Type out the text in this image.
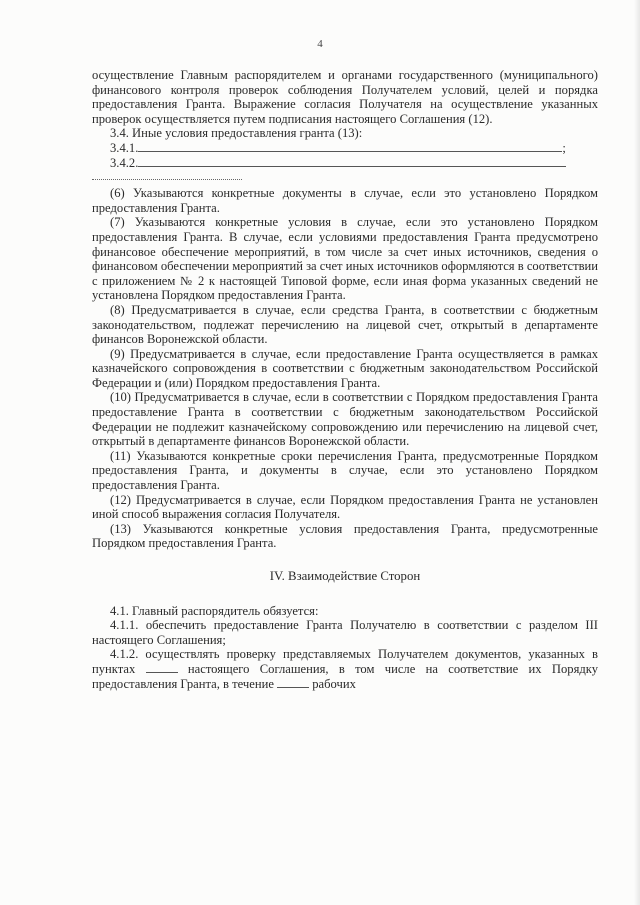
4

осуществление Главным распорядителем и органами государственного (муниципального) финансового контроля проверок соблюдения Получателем условий, целей и порядка предоставления Гранта. Выражение согласия Получателя на осуществление указанных проверок осуществляется путем подписания настоящего Соглашения (12).

3.4. Иные условия предоставления гранта (13):

3.4.1.	;

3.4.2.

(6) Указываются конкретные документы в случае, если это установлено Порядком предоставления Гранта.

(7) Указываются конкретные условия в случае, если это установлено Порядком предоставления Гранта. В случае, если условиями предоставления Гранта предусмотрено финансовое обеспечение мероприятий, в том числе за счет иных источников, сведения о финансовом обеспечении мероприятий за счет иных источников оформляются в соответствии с приложением № 2 к настоящей Типовой форме, если иная форма указанных сведений не установлена Порядком предоставления Гранта.

(8) Предусматривается в случае, если средства Гранта, в соответствии с бюджетным законодательством, подлежат перечислению на лицевой счет, открытый в департаменте финансов Воронежской области.

(9) Предусматривается в случае, если предоставление Гранта осуществляется в рамках казначейского сопровождения в соответствии с бюджетным законодательством Российской Федерации и (или) Порядком предоставления Гранта.

(10) Предусматривается в случае, если в соответствии с Порядком предоставления Гранта предоставление Гранта в соответствии с бюджетным законодательством Российской Федерации не подлежит казначейскому сопровождению или перечислению на лицевой счет, открытый в департаменте финансов Воронежской области.

(11) Указываются конкретные сроки перечисления Гранта, предусмотренные Порядком предоставления Гранта, и документы в случае, если это установлено Порядком предоставления Гранта.

(12) Предусматривается в случае, если Порядком предоставления Гранта не установлен иной способ выражения согласия Получателя.

(13) Указываются конкретные условия предоставления Гранта, предусмотренные Порядком предоставления Гранта.

IV. Взаимодействие Сторон

4.1. Главный распорядитель обязуется:

4.1.1. обеспечить предоставление Гранта Получателю в соответствии с разделом III настоящего Соглашения;

4.1.2. осуществлять проверку представляемых Получателем документов, указанных в пунктах	настоящего Соглашения, в том числе на соответствие их Порядку предоставления Гранта, в течение	рабочих
